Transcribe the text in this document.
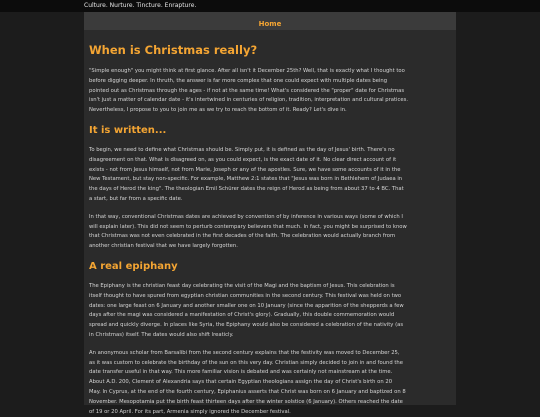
Culture. Nurture. Tincture. Enrapture.
Home
When is Christmas really?

"Simple enough" you might think at first glance. After all isn't it December 25th? Well, that is exactly what I thought too
before digging deeper. In thruth, the answer is far more complex that one could expect with multiple dates being
pointed out as Christmas through the ages - if not at the same time! What's considered the "proper" date for Christmas
isn't just a matter of calendar date - it's intertwined in centuries of religion, tradition, interpretation and cultural pratices.
Nevertheless, I propose to you to join me as we try to reach the bottom of it. Ready? Let's dive in.

It is written...

To begin, we need to define what Christmas should be. Simply put, it is defined as the day of Jesus' birth. There's no
disagreement on that. What is disagreed on, as you could expect, is the exact date of it. No clear direct account of it
exists - not from Jesus himself, not from Marie, Joseph or any of the apostles. Sure, we have some accounts of it in the
New Testament, but stay non-specific. For example, Matthew 2:1 states that "Jesus was born in Bethlehem of Judaea in
the days of Herod the king". The theologian Emil Schürer dates the reign of Herod as being from about 37 to 4 BC. That
a start, but far from a specific date.

In that way, conventional Christmas dates are achieved by convention of by inference in various ways (some of which I
will explain later). This did not seem to perturb contempary believers that much. In fact, you might be surprised to know
that Christmas was not even celebrated in the first decades of the faith. The celebration would actually branch from
another christian festival that we have largely forgotten.

A real epiphany

The Epiphany is the christian feast day celebrating the visit of the Magi and the baptism of Jesus. This celebration is
itself thought to have spured from egyptian christian communities in the second century. This festival was held on two
dates: one large feast on 6 January and another smaller one on 10 January (since the apparition of the shepperds a few
days after the magi was considered a manifestation of Christ's glory). Gradually, this double commemoration would
spread and quickly diverge. In places like Syria, the Epiphany would also be considered a celebration of the nativity (as
in Christmas) itself. The dates would also shift lreaticly.

An anonymous scholar from Barsalibi from the second century explains that the festivity was moved to December 25,
as it was custom to celebrate the birthday of the sun on this very day. Christian simply decided to join in and found the
date transfer useful in that way. This more familiar vision is debated and was certainly not mainstream at the time.
About A.D. 200, Clement of Alexandria says that certain Egyptian theologians assign the day of Christ's birth on 20
May. In Cyprus, at the end of the fourth century, Epiphanius asserts that Christ was born on 6 January and baptized on 8
November. Mesopotamia put the birth feast thirteen days after the winter solstice (6 January). Others reached the date
of 19 or 20 April. For its part, Armenia simply ignored the December festival.
